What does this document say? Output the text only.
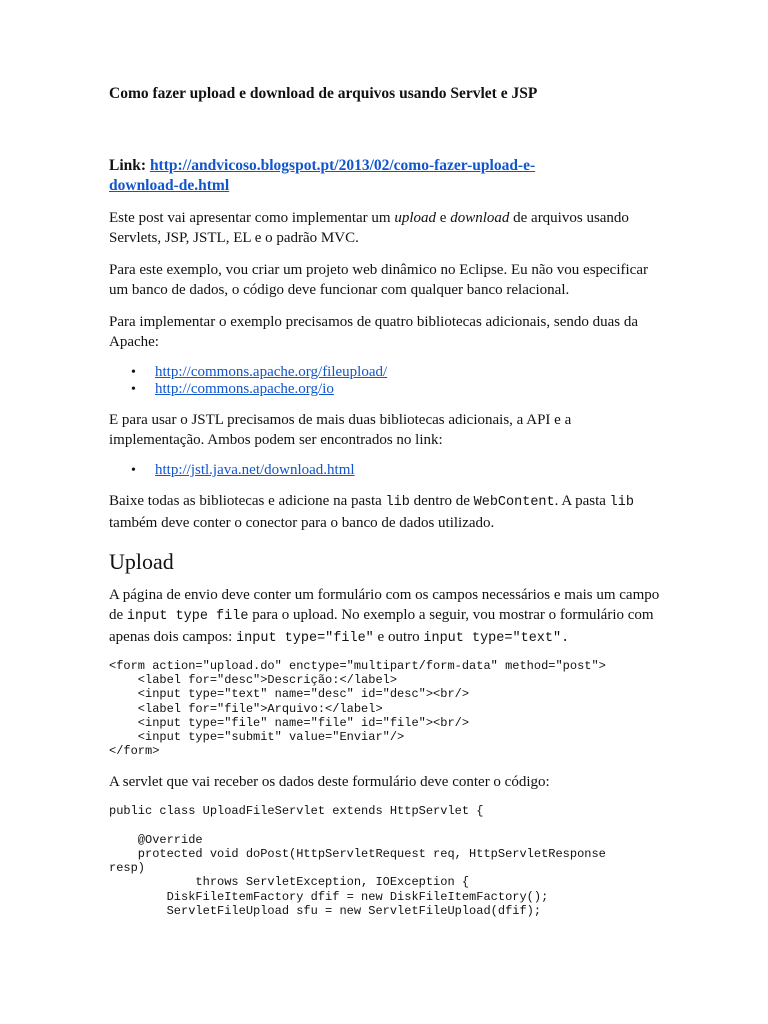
Como fazer upload e download de arquivos usando Servlet e JSP

Link: http://andvicoso.blogspot.pt/2013/02/como-fazer-upload-e-
download-de.html

Este post vai apresentar como implementar um upload e download de arquivos usando Servlets, JSP, JSTL, EL e o padrão MVC.

Para este exemplo, vou criar um projeto web dinâmico no Eclipse. Eu não vou especificar um banco de dados, o código deve funcionar com qualquer banco relacional.

Para implementar o exemplo precisamos de quatro bibliotecas adicionais, sendo duas da Apache:

• http://commons.apache.org/fileupload/
• http://commons.apache.org/io

E para usar o JSTL precisamos de mais duas bibliotecas adicionais, a API e a implementação. Ambos podem ser encontrados no link:

• http://jstl.java.net/download.html

Baixe todas as bibliotecas e adicione na pasta lib dentro de WebContent. A pasta lib também deve conter o conector para o banco de dados utilizado.

Upload

A página de envio deve conter um formulário com os campos necessários e mais um campo de input type file para o upload. No exemplo a seguir, vou mostrar o formulário com apenas dois campos: input type="file" e outro input type="text".

<form action="upload.do" enctype="multipart/form-data" method="post">
<label for="desc">Descrição:</label>
<input type="text" name="desc" id="desc"><br/>
<label for="file">Arquivo:</label>
<input type="file" name="file" id="file"><br/>
<input type="submit" value="Enviar"/>
</form>

A servlet que vai receber os dados deste formulário deve conter o código:

public class UploadFileServlet extends HttpServlet {

@Override
protected void doPost(HttpServletRequest req, HttpServletResponse
resp)
throws ServletException, IOException {
DiskFileItemFactory dfif = new DiskFileItemFactory();
ServletFileUpload sfu = new ServletFileUpload(dfif);
